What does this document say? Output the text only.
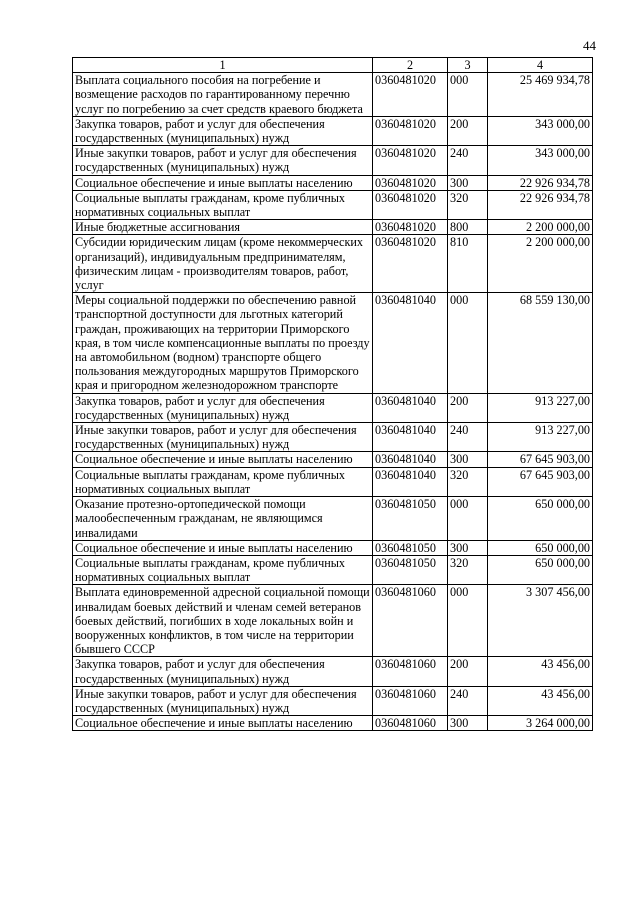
44
1	2	3	4
Выплата социального пособия на погребение и возмещение расходов по гарантированному перечню услуг по погребению за счет средств краевого бюджета	0360481020	000	25 469 934,78
Закупка товаров, работ и услуг для обеспечения государственных (муниципальных) нужд	0360481020	200	343 000,00
Иные закупки товаров, работ и услуг для обеспечения государственных (муниципальных) нужд	0360481020	240	343 000,00
Социальное обеспечение и иные выплаты населению	0360481020	300	22 926 934,78
Социальные выплаты гражданам, кроме публичных нормативных социальных выплат	0360481020	320	22 926 934,78
Иные бюджетные ассигнования	0360481020	800	2 200 000,00
Субсидии юридическим лицам (кроме некоммерческих организаций), индивидуальным предпринимателям, физическим лицам - производителям товаров, работ, услуг	0360481020	810	2 200 000,00
Меры социальной поддержки по обеспечению равной транспортной доступности для льготных категорий граждан, проживающих на территории Приморского края, в том числе компенсационные выплаты по проезду на автомобильном (водном) транспорте общего пользования междугородных маршрутов Приморского края и пригородном железнодорожном транспорте	0360481040	000	68 559 130,00
Закупка товаров, работ и услуг для обеспечения государственных (муниципальных) нужд	0360481040	200	913 227,00
Иные закупки товаров, работ и услуг для обеспечения государственных (муниципальных) нужд	0360481040	240	913 227,00
Социальное обеспечение и иные выплаты населению	0360481040	300	67 645 903,00
Социальные выплаты гражданам, кроме публичных нормативных социальных выплат	0360481040	320	67 645 903,00
Оказание протезно-ортопедической помощи малообеспеченным гражданам, не являющимся инвалидами	0360481050	000	650 000,00
Социальное обеспечение и иные выплаты населению	0360481050	300	650 000,00
Социальные выплаты гражданам, кроме публичных нормативных социальных выплат	0360481050	320	650 000,00
Выплата единовременной адресной социальной помощи инвалидам боевых действий и членам семей ветеранов боевых действий, погибших в ходе локальных войн и вооруженных конфликтов, в том числе на территории бывшего СССР	0360481060	000	3 307 456,00
Закупка товаров, работ и услуг для обеспечения государственных (муниципальных) нужд	0360481060	200	43 456,00
Иные закупки товаров, работ и услуг для обеспечения государственных (муниципальных) нужд	0360481060	240	43 456,00
Социальное обеспечение и иные выплаты населению	0360481060	300	3 264 000,00
